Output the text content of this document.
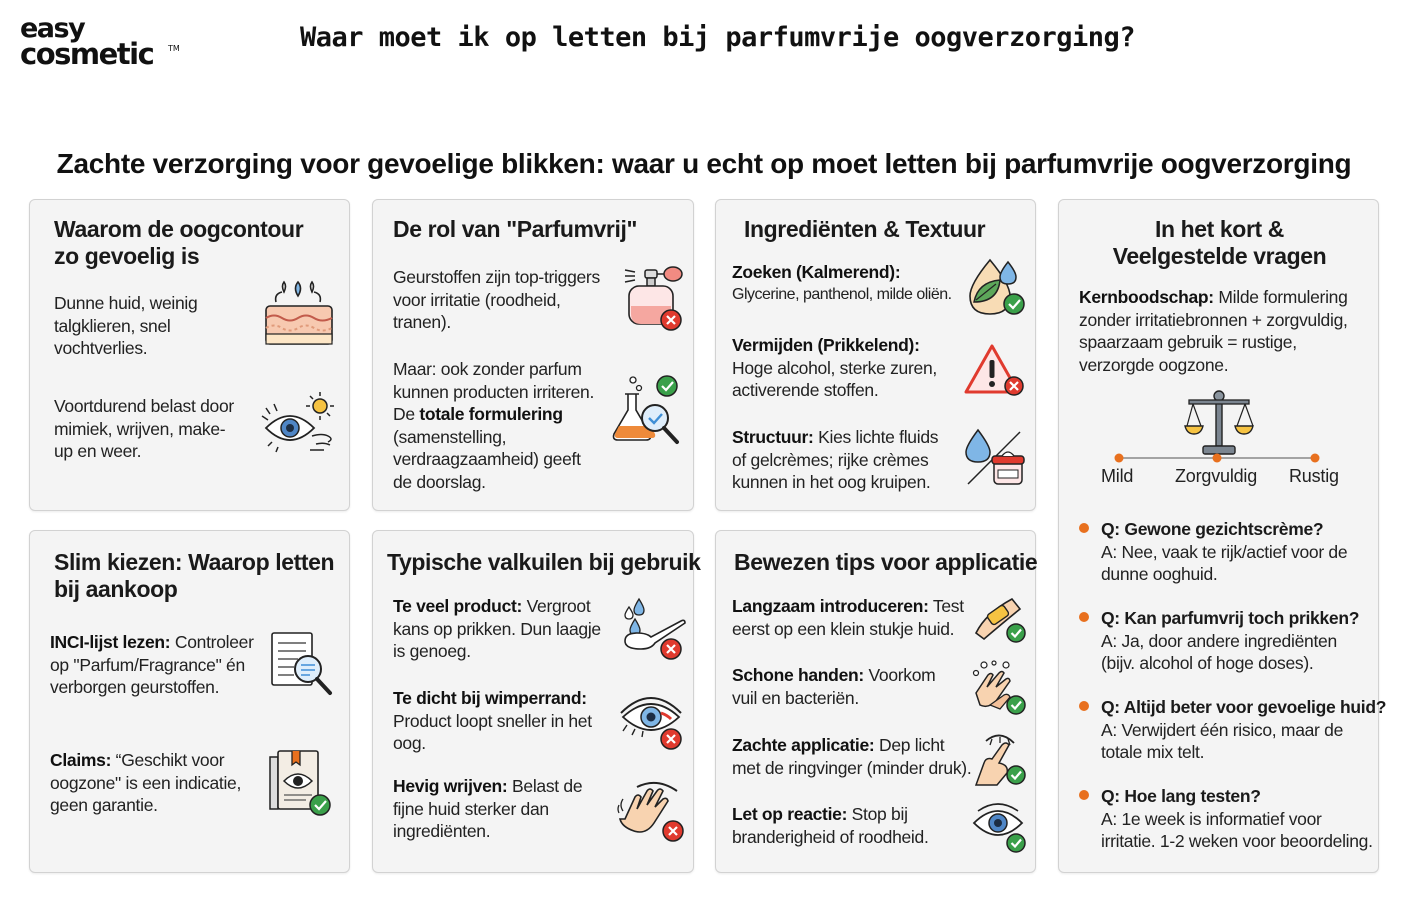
easy
cosmetic TM	Waar moet ik op letten bij parfumvrije oogverzorging?
Zachte verzorging voor gevoelige blikken: waar u echt op moet letten bij parfumvrije oogverzorging
Waarom de oogcontour
zo gevoelig is
Dunne huid, weinig
talgklieren, snel
vochtverlies.
Voortdurend belast door
mimiek, wrijven, make-
up en weer.
De rol van "Parfumvrij"
Geurstoffen zijn top-triggers
voor irritatie (roodheid,
tranen).
Maar: ook zonder parfum
kunnen producten irriteren.
De totale formulering
(samenstelling,
verdraagzaamheid) geeft
de doorslag.
Ingrediënten & Textuur
Zoeken (Kalmerend):
Glycerine, panthenol, milde oliën.
Vermijden (Prikkelend):
Hoge alcohol, sterke zuren,
activerende stoffen.
Structuur: Kies lichte fluids
of gelcrèmes; rijke crèmes
kunnen in het oog kruipen.
Slim kiezen: Waarop letten
bij aankoop
INCI-lijst lezen: Controleer
op "Parfum/Fragrance" én
verborgen geurstoffen.
Claims: “Geschikt voor
oogzone" is een indicatie,
geen garantie.
Typische valkuilen bij gebruik
Te veel product: Vergroot
kans op prikken. Dun laagje
is genoeg.
Te dicht bij wimperrand:
Product loopt sneller in het
oog.
Hevig wrijven: Belast de
fijne huid sterker dan
ingrediënten.
Bewezen tips voor applicatie
Langzaam introduceren: Test
eerst op een klein stukje huid.
Schone handen: Voorkom
vuil en bacteriën.
Zachte applicatie: Dep licht
met de ringvinger (minder druk).
Let op reactie: Stop bij
branderigheid of roodheid.
In het kort &
Veelgestelde vragen
Kernboodschap: Milde formulering
zonder irritatiebronnen + zorgvuldig,
spaarzaam gebruik = rustige,
verzorgde oogzone.
Mild Zorgvuldig Rustig
Q: Gewone gezichtscrème?
A: Nee, vaak te rijk/actief voor de
dunne ooghuid.
Q: Kan parfumvrij toch prikken?
A: Ja, door andere ingrediënten
(bijv. alcohol of hoge doses).
Q: Altijd beter voor gevoelige huid?
A: Verwijdert één risico, maar de
totale mix telt.
Q: Hoe lang testen?
A: 1e week is informatief voor
irritatie. 1-2 weken voor beoordeling.
